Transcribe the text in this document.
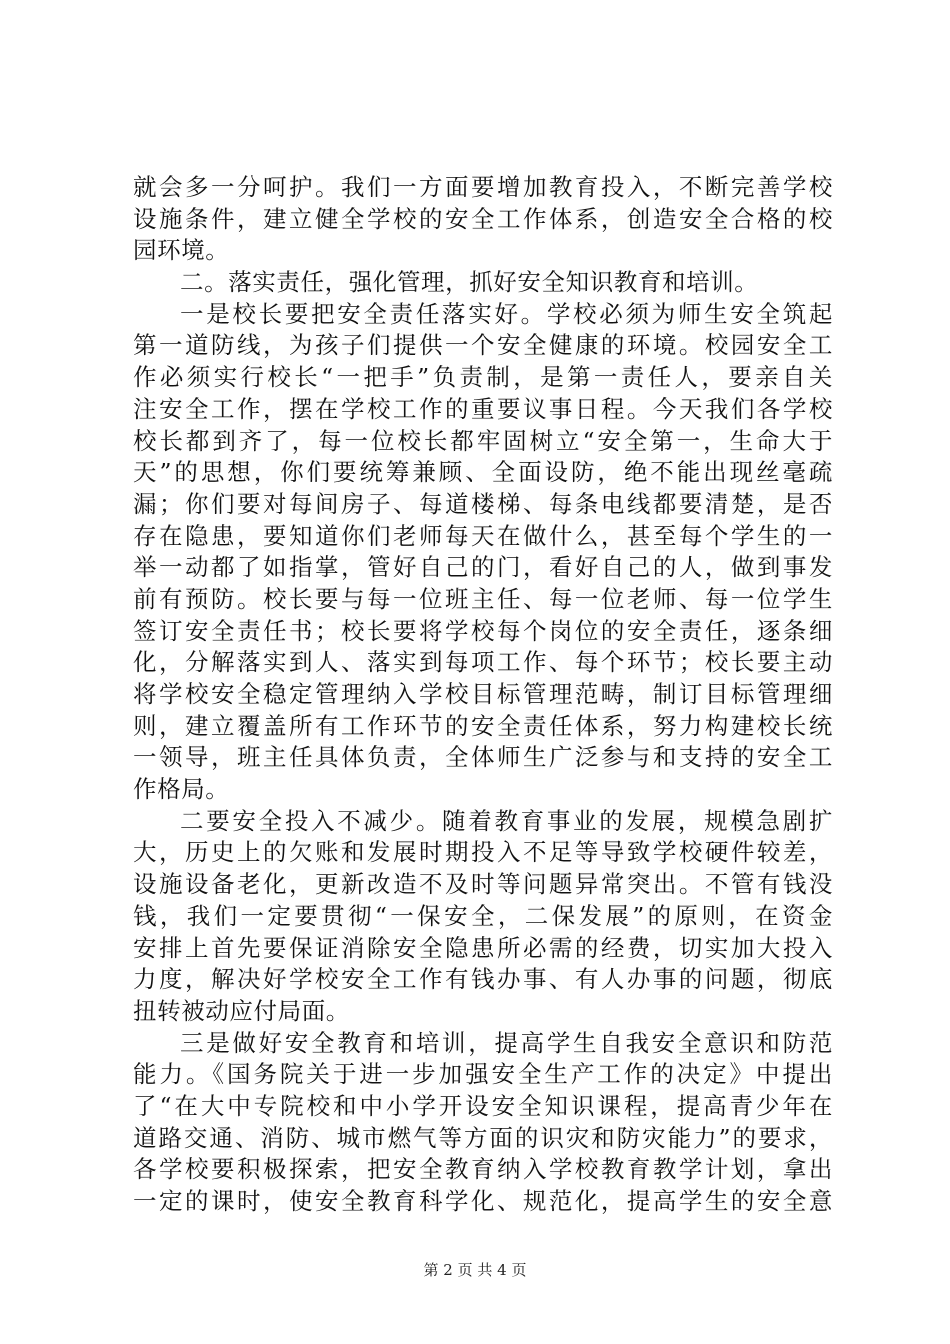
就会多一分呵护。我们一方面要增加教育投入，不断完善学校
设施条件，建立健全学校的安全工作体系，创造安全合格的校
园环境。
二。落实责任，强化管理，抓好安全知识教育和培训。
一是校长要把安全责任落实好。学校必须为师生安全筑起
第一道防线，为孩子们提供一个安全健康的环境。校园安全工
作必须实行校长“一把手”负责制，是第一责任人，要亲自关
注安全工作，摆在学校工作的重要议事日程。今天我们各学校
校长都到齐了，每一位校长都牢固树立“安全第一，生命大于
天”的思想，你们要统筹兼顾、全面设防，绝不能出现丝毫疏
漏；你们要对每间房子、每道楼梯、每条电线都要清楚，是否
存在隐患，要知道你们老师每天在做什么，甚至每个学生的一
举一动都了如指掌，管好自己的门，看好自己的人，做到事发
前有预防。校长要与每一位班主任、每一位老师、每一位学生
签订安全责任书；校长要将学校每个岗位的安全责任，逐条细
化，分解落实到人、落实到每项工作、每个环节；校长要主动
将学校安全稳定管理纳入学校目标管理范畴，制订目标管理细
则，建立覆盖所有工作环节的安全责任体系，努力构建校长统
一领导，班主任具体负责，全体师生广泛参与和支持的安全工
作格局。
二要安全投入不减少。随着教育事业的发展，规模急剧扩
大，历史上的欠账和发展时期投入不足等导致学校硬件较差，
设施设备老化，更新改造不及时等问题异常突出。不管有钱没
钱，我们一定要贯彻“一保安全，二保发展”的原则，在资金
安排上首先要保证消除安全隐患所必需的经费，切实加大投入
力度，解决好学校安全工作有钱办事、有人办事的问题，彻底
扭转被动应付局面。
三是做好安全教育和培训，提高学生自我安全意识和防范
能力。《国务院关于进一步加强安全生产工作的决定》中提出
了“在大中专院校和中小学开设安全知识课程，提高青少年在
道路交通、消防、城市燃气等方面的识灾和防灾能力”的要求，
各学校要积极探索，把安全教育纳入学校教育教学计划，拿出
一定的课时，使安全教育科学化、规范化，提高学生的安全意
第 2 页 共 4 页
